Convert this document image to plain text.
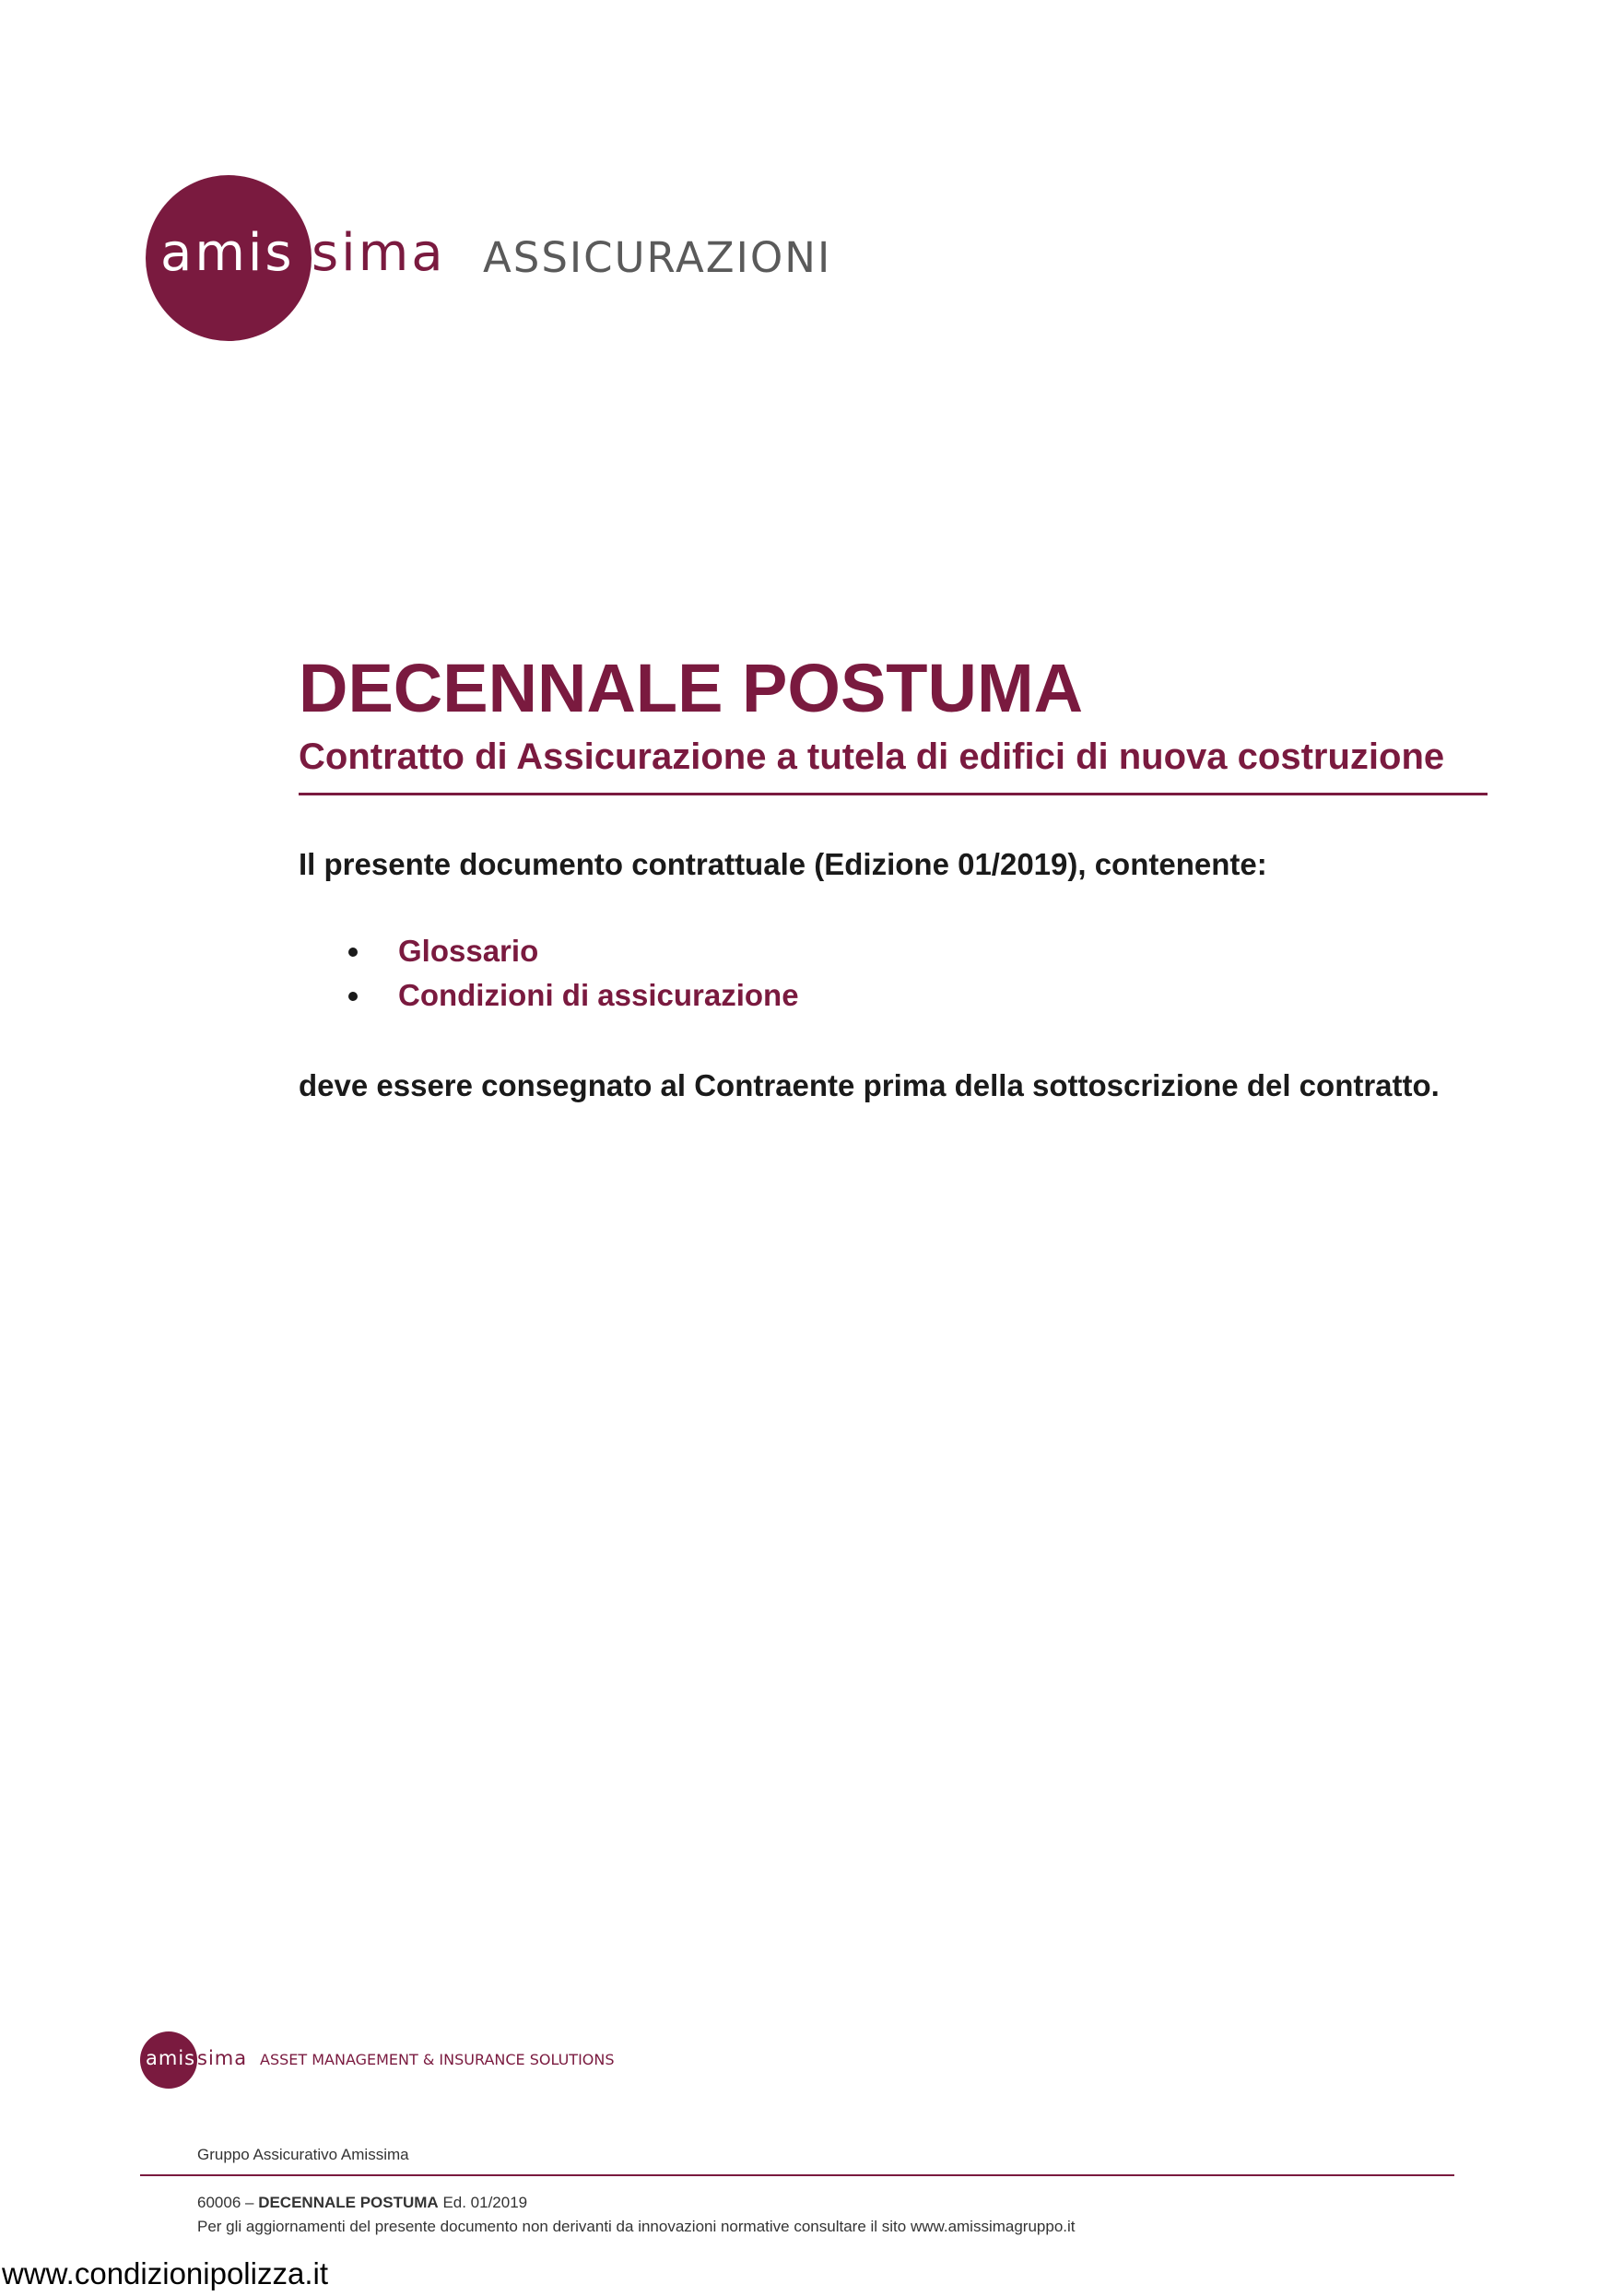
amis sima ASSICURAZIONI
DECENNALE POSTUMA
Contratto di Assicurazione a tutela di edifici di nuova costruzione

Il presente documento contrattuale (Edizione 01/2019), contenente:

Glossario
Condizioni di assicurazione

deve essere consegnato al Contraente prima della sottoscrizione del contratto.

amis sima ASSET MANAGEMENT & INSURANCE SOLUTIONS

Gruppo Assicurativo Amissima

60006 – DECENNALE POSTUMA Ed. 01/2019

Per gli aggiornamenti del presente documento non derivanti da innovazioni normative consultare il sito www.amissimagruppo.it

www.condizionipolizza.it
